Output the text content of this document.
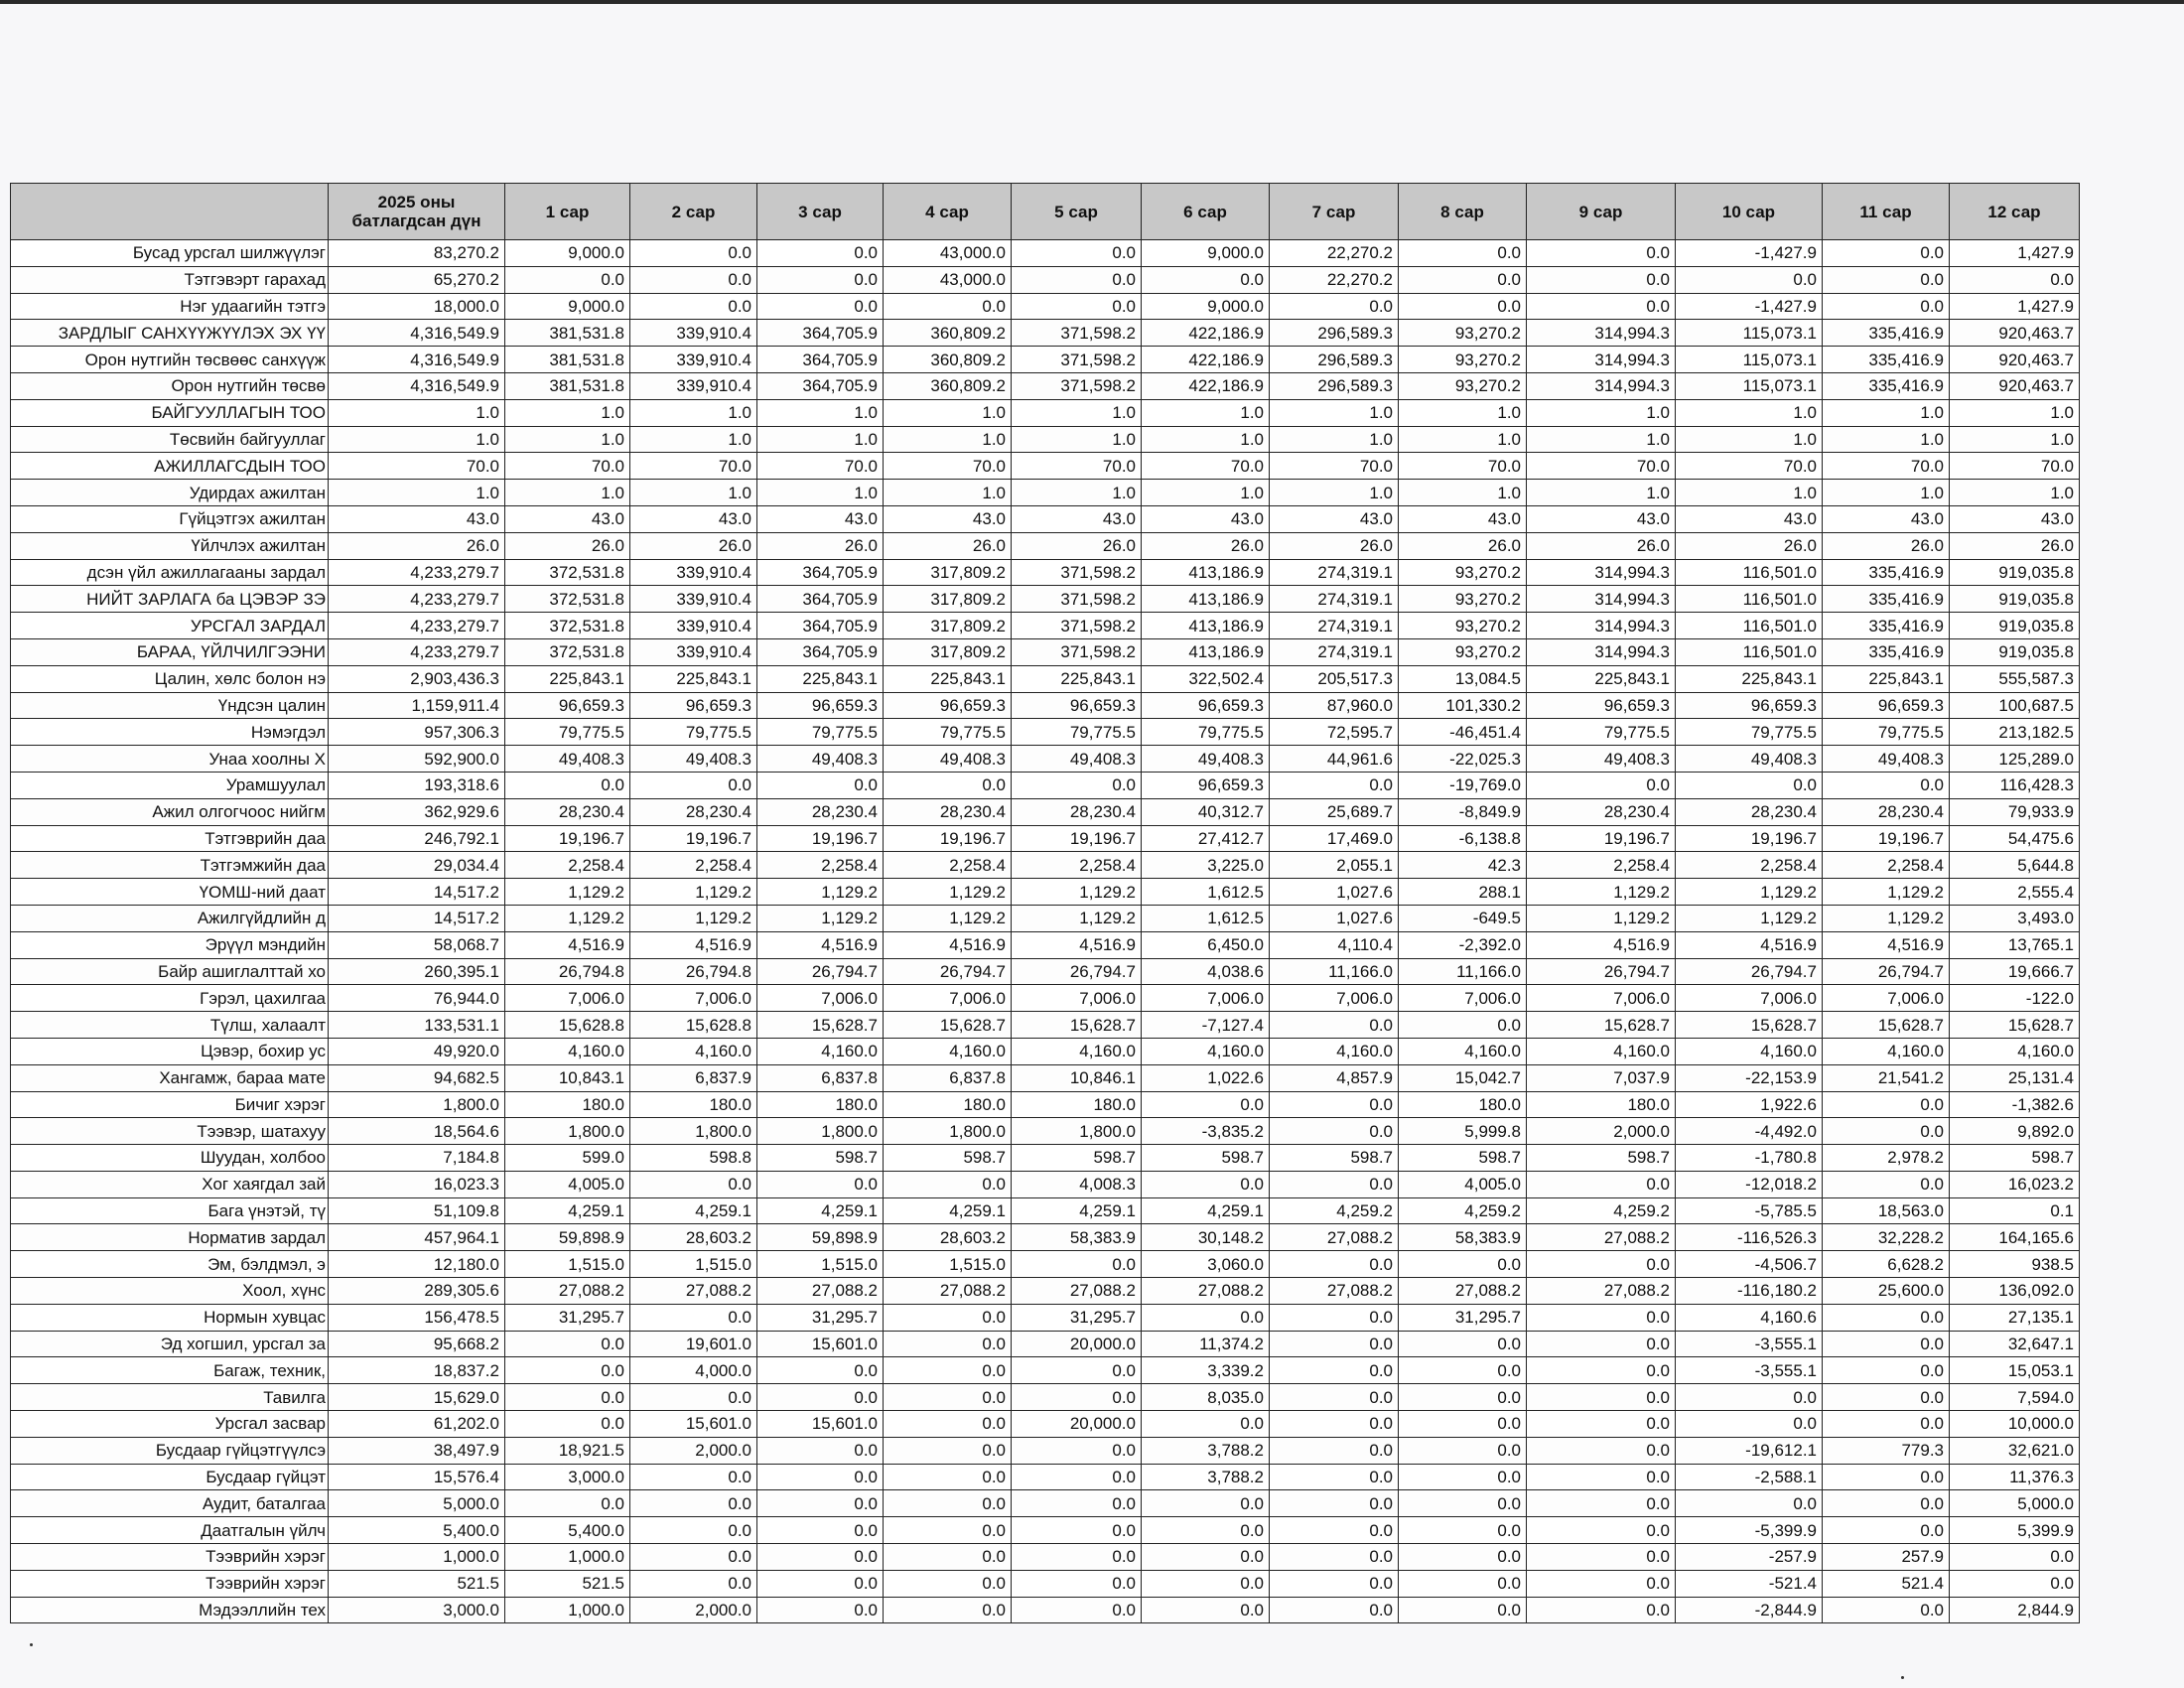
	2025 оны батлагдсан дүн	1 сар	2 сар	3 сар	4 сар	5 сар	6 сар	7 сар	8 сар	9 сар	10 сар	11 сар	12 сар
Бусад урсгал шилжүүлэг	83,270.2	9,000.0	0.0	0.0	43,000.0	0.0	9,000.0	22,270.2	0.0	0.0	-1,427.9	0.0	1,427.9
Тэтгэвэрт гарахад	65,270.2	0.0	0.0	0.0	43,000.0	0.0	0.0	22,270.2	0.0	0.0	0.0	0.0	0.0
Нэг удаагийн тэтгэ	18,000.0	9,000.0	0.0	0.0	0.0	0.0	9,000.0	0.0	0.0	0.0	-1,427.9	0.0	1,427.9
ЗАРДЛЫГ САНХҮҮЖҮҮЛЭХ ЭХ ҮҮ	4,316,549.9	381,531.8	339,910.4	364,705.9	360,809.2	371,598.2	422,186.9	296,589.3	93,270.2	314,994.3	115,073.1	335,416.9	920,463.7
Орон нутгийн төсвөөс санхүүж	4,316,549.9	381,531.8	339,910.4	364,705.9	360,809.2	371,598.2	422,186.9	296,589.3	93,270.2	314,994.3	115,073.1	335,416.9	920,463.7
Орон нутгийн төсвө	4,316,549.9	381,531.8	339,910.4	364,705.9	360,809.2	371,598.2	422,186.9	296,589.3	93,270.2	314,994.3	115,073.1	335,416.9	920,463.7
БАЙГУУЛЛАГЫН ТОО	1.0	1.0	1.0	1.0	1.0	1.0	1.0	1.0	1.0	1.0	1.0	1.0	1.0
Төсвийн байгууллаг	1.0	1.0	1.0	1.0	1.0	1.0	1.0	1.0	1.0	1.0	1.0	1.0	1.0
АЖИЛЛАГСДЫН ТОО	70.0	70.0	70.0	70.0	70.0	70.0	70.0	70.0	70.0	70.0	70.0	70.0	70.0
Удирдах ажилтан	1.0	1.0	1.0	1.0	1.0	1.0	1.0	1.0	1.0	1.0	1.0	1.0	1.0
Гүйцэтгэх ажилтан	43.0	43.0	43.0	43.0	43.0	43.0	43.0	43.0	43.0	43.0	43.0	43.0	43.0
Үйлчлэх ажилтан	26.0	26.0	26.0	26.0	26.0	26.0	26.0	26.0	26.0	26.0	26.0	26.0	26.0
дсэн үйл ажиллагааны зардал	4,233,279.7	372,531.8	339,910.4	364,705.9	317,809.2	371,598.2	413,186.9	274,319.1	93,270.2	314,994.3	116,501.0	335,416.9	919,035.8
НИЙТ ЗАРЛАГА ба ЦЭВЭР ЗЭ	4,233,279.7	372,531.8	339,910.4	364,705.9	317,809.2	371,598.2	413,186.9	274,319.1	93,270.2	314,994.3	116,501.0	335,416.9	919,035.8
УРСГАЛ ЗАРДАЛ	4,233,279.7	372,531.8	339,910.4	364,705.9	317,809.2	371,598.2	413,186.9	274,319.1	93,270.2	314,994.3	116,501.0	335,416.9	919,035.8
БАРАА, ҮЙЛЧИЛГЭЭНИ	4,233,279.7	372,531.8	339,910.4	364,705.9	317,809.2	371,598.2	413,186.9	274,319.1	93,270.2	314,994.3	116,501.0	335,416.9	919,035.8
Цалин, хөлс болон нэ	2,903,436.3	225,843.1	225,843.1	225,843.1	225,843.1	225,843.1	322,502.4	205,517.3	13,084.5	225,843.1	225,843.1	225,843.1	555,587.3
Үндсэн цалин	1,159,911.4	96,659.3	96,659.3	96,659.3	96,659.3	96,659.3	96,659.3	87,960.0	101,330.2	96,659.3	96,659.3	96,659.3	100,687.5
Нэмэгдэл	957,306.3	79,775.5	79,775.5	79,775.5	79,775.5	79,775.5	79,775.5	72,595.7	-46,451.4	79,775.5	79,775.5	79,775.5	213,182.5
Унаа хоолны Х	592,900.0	49,408.3	49,408.3	49,408.3	49,408.3	49,408.3	49,408.3	44,961.6	-22,025.3	49,408.3	49,408.3	49,408.3	125,289.0
Урамшуулал	193,318.6	0.0	0.0	0.0	0.0	0.0	96,659.3	0.0	-19,769.0	0.0	0.0	0.0	116,428.3
Ажил олгогчоос нийгм	362,929.6	28,230.4	28,230.4	28,230.4	28,230.4	28,230.4	40,312.7	25,689.7	-8,849.9	28,230.4	28,230.4	28,230.4	79,933.9
Тэтгэврийн даа	246,792.1	19,196.7	19,196.7	19,196.7	19,196.7	19,196.7	27,412.7	17,469.0	-6,138.8	19,196.7	19,196.7	19,196.7	54,475.6
Тэтгэмжийн даа	29,034.4	2,258.4	2,258.4	2,258.4	2,258.4	2,258.4	3,225.0	2,055.1	42.3	2,258.4	2,258.4	2,258.4	5,644.8
ҮОМШ-ний даат	14,517.2	1,129.2	1,129.2	1,129.2	1,129.2	1,129.2	1,612.5	1,027.6	288.1	1,129.2	1,129.2	1,129.2	2,555.4
Ажилгүйдлийн д	14,517.2	1,129.2	1,129.2	1,129.2	1,129.2	1,129.2	1,612.5	1,027.6	-649.5	1,129.2	1,129.2	1,129.2	3,493.0
Эрүүл мэндийн	58,068.7	4,516.9	4,516.9	4,516.9	4,516.9	4,516.9	6,450.0	4,110.4	-2,392.0	4,516.9	4,516.9	4,516.9	13,765.1
Байр ашиглалттай хо	260,395.1	26,794.8	26,794.8	26,794.7	26,794.7	26,794.7	4,038.6	11,166.0	11,166.0	26,794.7	26,794.7	26,794.7	19,666.7
Гэрэл, цахилгаа	76,944.0	7,006.0	7,006.0	7,006.0	7,006.0	7,006.0	7,006.0	7,006.0	7,006.0	7,006.0	7,006.0	7,006.0	-122.0
Түлш, халаалт	133,531.1	15,628.8	15,628.8	15,628.7	15,628.7	15,628.7	-7,127.4	0.0	0.0	15,628.7	15,628.7	15,628.7	15,628.7
Цэвэр, бохир ус	49,920.0	4,160.0	4,160.0	4,160.0	4,160.0	4,160.0	4,160.0	4,160.0	4,160.0	4,160.0	4,160.0	4,160.0	4,160.0
Хангамж, бараа мате	94,682.5	10,843.1	6,837.9	6,837.8	6,837.8	10,846.1	1,022.6	4,857.9	15,042.7	7,037.9	-22,153.9	21,541.2	25,131.4
Бичиг хэрэг	1,800.0	180.0	180.0	180.0	180.0	180.0	0.0	0.0	180.0	180.0	1,922.6	0.0	-1,382.6
Тээвэр, шатахуу	18,564.6	1,800.0	1,800.0	1,800.0	1,800.0	1,800.0	-3,835.2	0.0	5,999.8	2,000.0	-4,492.0	0.0	9,892.0
Шуудан, холбоо	7,184.8	599.0	598.8	598.7	598.7	598.7	598.7	598.7	598.7	598.7	-1,780.8	2,978.2	598.7
Хог хаягдал зай	16,023.3	4,005.0	0.0	0.0	0.0	4,008.3	0.0	0.0	4,005.0	0.0	-12,018.2	0.0	16,023.2
Бага үнэтэй, тү	51,109.8	4,259.1	4,259.1	4,259.1	4,259.1	4,259.1	4,259.1	4,259.2	4,259.2	4,259.2	-5,785.5	18,563.0	0.1
Норматив зардал	457,964.1	59,898.9	28,603.2	59,898.9	28,603.2	58,383.9	30,148.2	27,088.2	58,383.9	27,088.2	-116,526.3	32,228.2	164,165.6
Эм, бэлдмэл, э	12,180.0	1,515.0	1,515.0	1,515.0	1,515.0	0.0	3,060.0	0.0	0.0	0.0	-4,506.7	6,628.2	938.5
Хоол, хүнс	289,305.6	27,088.2	27,088.2	27,088.2	27,088.2	27,088.2	27,088.2	27,088.2	27,088.2	27,088.2	-116,180.2	25,600.0	136,092.0
Нормын хувцас	156,478.5	31,295.7	0.0	31,295.7	0.0	31,295.7	0.0	0.0	31,295.7	0.0	4,160.6	0.0	27,135.1
Эд хогшил, урсгал за	95,668.2	0.0	19,601.0	15,601.0	0.0	20,000.0	11,374.2	0.0	0.0	0.0	-3,555.1	0.0	32,647.1
Багаж, техник,	18,837.2	0.0	4,000.0	0.0	0.0	0.0	3,339.2	0.0	0.0	0.0	-3,555.1	0.0	15,053.1
Тавилга	15,629.0	0.0	0.0	0.0	0.0	0.0	8,035.0	0.0	0.0	0.0	0.0	0.0	7,594.0
Урсгал засвар	61,202.0	0.0	15,601.0	15,601.0	0.0	20,000.0	0.0	0.0	0.0	0.0	0.0	0.0	10,000.0
Бусдаар гүйцэтгүүлсэ	38,497.9	18,921.5	2,000.0	0.0	0.0	0.0	3,788.2	0.0	0.0	0.0	-19,612.1	779.3	32,621.0
Бусдаар гүйцэт	15,576.4	3,000.0	0.0	0.0	0.0	0.0	3,788.2	0.0	0.0	0.0	-2,588.1	0.0	11,376.3
Аудит, баталгаа	5,000.0	0.0	0.0	0.0	0.0	0.0	0.0	0.0	0.0	0.0	0.0	0.0	5,000.0
Даатгалын үйлч	5,400.0	5,400.0	0.0	0.0	0.0	0.0	0.0	0.0	0.0	0.0	-5,399.9	0.0	5,399.9
Тээврийн хэрэг	1,000.0	1,000.0	0.0	0.0	0.0	0.0	0.0	0.0	0.0	0.0	-257.9	257.9	0.0
Тээврийн хэрэг	521.5	521.5	0.0	0.0	0.0	0.0	0.0	0.0	0.0	0.0	-521.4	521.4	0.0
Мэдээллийн тех	3,000.0	1,000.0	2,000.0	0.0	0.0	0.0	0.0	0.0	0.0	0.0	-2,844.9	0.0	2,844.9
